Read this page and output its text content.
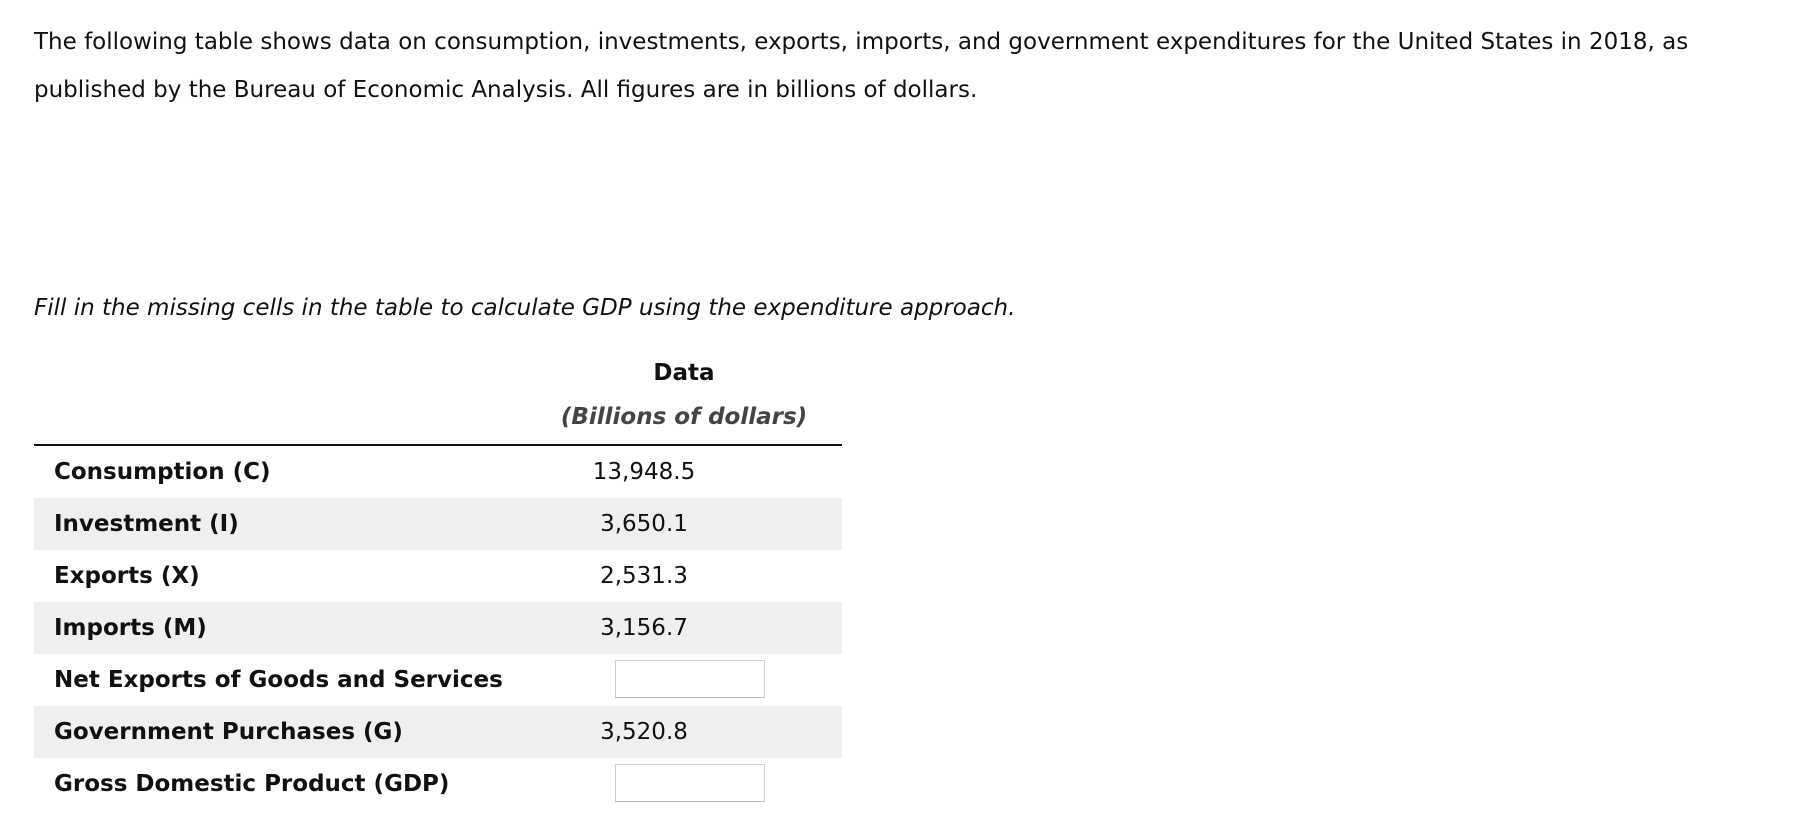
The following table shows data on consumption, investments, exports, imports, and government expenditures for the United States in 2018, as published by the Bureau of Economic Analysis. All figures are in billions of dollars.

Fill in the missing cells in the table to calculate GDP using the expenditure approach.

Data
(Billions of dollars)
Consumption (C)	13,948.5
Investment (I)	3,650.1
Exports (X)	2,531.3
Imports (M)	3,156.7
Net Exports of Goods and Services
Government Purchases (G)	3,520.8
Gross Domestic Product (GDP)
